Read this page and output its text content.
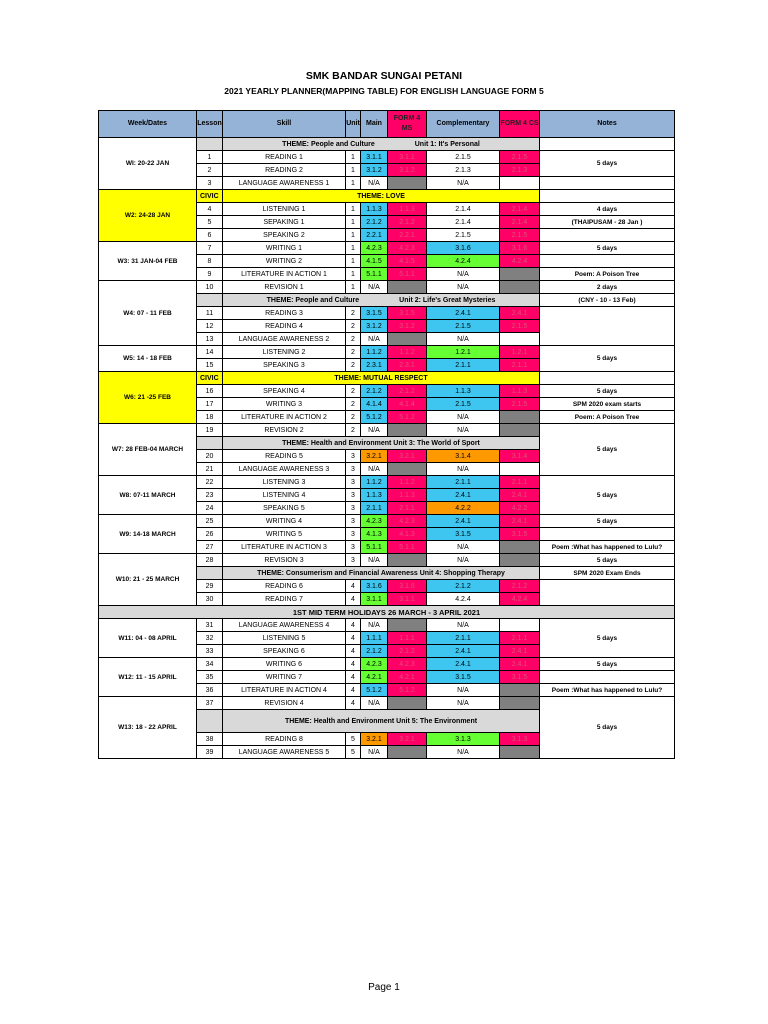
SMK BANDAR SUNGAI PETANI
2021 YEARLY PLANNER(MAPPING TABLE) FOR ENGLISH LANGUAGE FORM 5
Week/Dates	Lesson	Skill	Unit	Main	FORM 4 MS	Complementary	FORM 4 CS	Notes
WI: 20-22 JAN		THEME: People and Culture Unit 1: It's Personal						
	1	READING 1	1	3.1.1	3.1.1	2.1.5	2.1.5	5 days
	2	READING 2	1	3.1.2	3.1.2	2.1.3	2.1.3	
	3	LANGUAGE AWARENESS 1	1	N/A		N/A		
W2: 24-28 JAN	CIVIC	THEME: LOVE						
	4	LISTENING 1	1	1.1.3	1.1.3	2.1.4	2.1.4	4 days
	5	SEPAKING 1	1	2.1.2	2.1.2	2.1.4	2.1.4	(THAIPUSAM - 28 Jan )
	6	SPEAKING 2	1	2.2.1	2.2.1	2.1.5	2.1.5	
W3: 31 JAN-04 FEB	7	WRITING 1	1	4.2.3	4.2.3	3.1.6	3.1.6	5 days
	8	WRITING 2	1	4.1.5	4.1.5	4.2.4	4.2.4	
	9	LITERATURE IN ACTION 1	1	5.1.1	5.1.1	N/A		Poem: A Poison Tree
W4: 07 - 11 FEB	10	REVISION 1	1	N/A		N/A		2 days
		THEME: People and Culture Unit 2: Life's Great Mysteries						(CNY - 10 - 13 Feb)
	11	READING 3	2	3.1.5	3.1.5	2.4.1	2.4.1	
	12	READING 4	2	3.1.2	3.1.2	2.1.5	2.1.5	
	13	LANGUAGE AWARENESS 2	2	N/A		N/A		
W5: 14 - 18 FEB	14	LISTENING 2	2	1.1.2	1.1.2	1.2.1	1.2.1	5 days
	15	SPEAKING 3	2	2.3.1	2.3.1	2.1.1	2.1.1	
W6: 21 -25 FEB	CIVIC	THEME: MUTUAL RESPECT						
	16	SPEAKING 4	2	2.1.2	2.1.2	1.1.3	1.1.3	5 days
	17	WRITING 3	2	4.1.4	4.1.4	2.1.5	2.1.5	SPM 2020 exam starts
	18	LITERATURE IN ACTION 2	2	5.1.2	5.1.2	N/A		Poem: A Poison Tree
W7: 28 FEB-04 MARCH	19	REVISION 2	2	N/A		N/A		5 days
		THEME: Health and Environment Unit 3: The World of Sport						
	20	READING 5	3	3.2.1	3.2.1	3.1.4	3.1.4	
	21	LANGUAGE AWARENESS 3	3	N/A		N/A		
W8: 07-11 MARCH	22	LISTENING 3	3	1.1.2	1.1.2	2.1.1	2.1.1	5 days
	23	LISTENING 4	3	1.1.3	1.1.3	2.4.1	2.4.1	
	24	SPEAKING 5	3	2.1.1	2.1.1	4.2.2	4.2.2	
W9: 14-18 MARCH	25	WRITING 4	3	4.2.3	4.2.3	2.4.1	2.4.1	5 days
	26	WRITING 5	3	4.1.3	4.1.3	3.1.5	3.1.5	
	27	LITERATURE IN ACTION 3	3	5.1.1	5.1.1	N/A		Poem :What has happened to Lulu?
W10: 21 - 25 MARCH	28	REVISION 3	3	N/A		N/A		5 days
		THEME: Consumerism and Financial Awareness Unit 4: Shopping Therapy						SPM 2020 Exam Ends
	29	READING 6	4	3.1.6	3.1.6	2.1.2	2.1.2	
	30	READING 7	4	3.1.1	3.1.1	4.2.4	4.2.4	
1ST MID TERM HOLIDAYS 26 MARCH - 3 APRIL 2021								
W11: 04 - 08 APRIL	31	LANGUAGE AWARENESS 4	4	N/A		N/A		5 days
	32	LISTENING 5	4	1.1.1	1.1.1	2.1.1	2.1.1	
	33	SPEAKING 6	4	2.1.2	2.1.2	2.4.1	2.4.1	
W12: 11 - 15 APRIL	34	WRITING 6	4	4.2.3	4.2.3	2.4.1	2.4.1	5 days
	35	WRITING 7	4	4.2.1	4.2.1	3.1.5	3.1.5	
	36	LITERATURE IN ACTION 4	4	5.1.2	5.1.2	N/A		Poem :What has happened to Lulu?
W13: 18 - 22 APRIL	37	REVISION 4	4	N/A		N/A		5 days
		THEME: Health and Environment Unit 5: The Environment						
	38	READING 8	5	3.2.1	3.2.1	3.1.3	3.1.3	
	39	LANGUAGE AWARENESS 5	5	N/A		N/A		
Page 1
